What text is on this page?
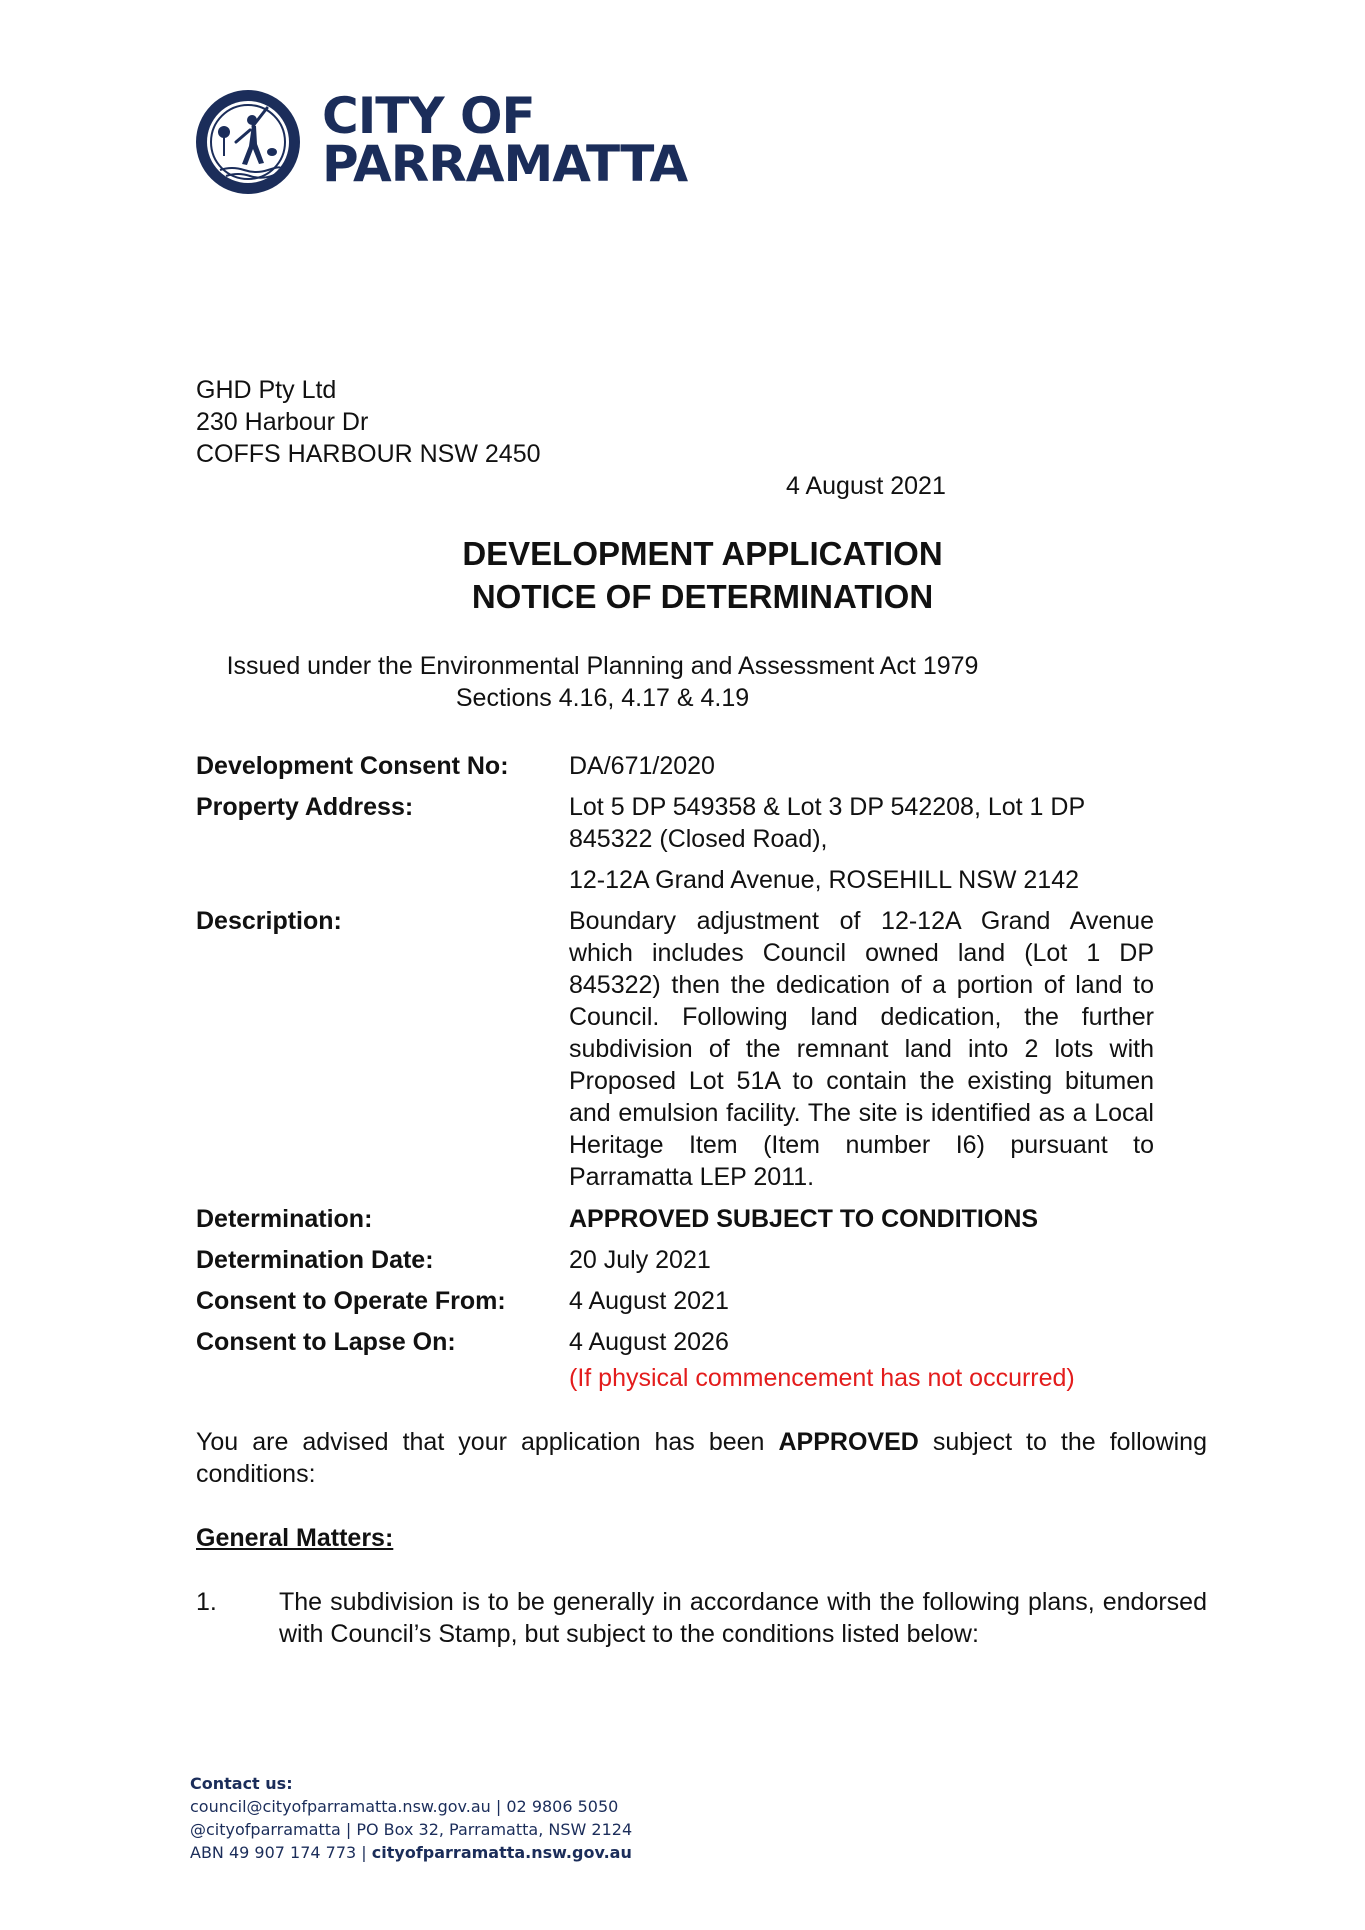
CITY OF
PARRAMATTA
GHD Pty Ltd
230 Harbour Dr
COFFS HARBOUR NSW 2450
4 August 2021
DEVELOPMENT APPLICATION
NOTICE OF DETERMINATION
Issued under the Environmental Planning and Assessment Act 1979
Sections 4.16, 4.17 & 4.19
Development Consent No: DA/671/2020
Property Address:	Lot 5 DP 549358 & Lot 3 DP 542208, Lot 1 DP 845322 (Closed Road),
12-12A Grand Avenue, ROSEHILL NSW 2142
Description:	Boundary adjustment of 12-12A Grand Avenue which includes Council owned land (Lot 1 DP 845322) then the dedication of a portion of land to Council. Following land dedication, the further subdivision of the remnant land into 2 lots with Proposed Lot 51A to contain the existing bitumen and emulsion facility. The site is identified as a Local Heritage Item (Item number I6) pursuant to Parramatta LEP 2011.
Determination:	APPROVED SUBJECT TO CONDITIONS
Determination Date:	20 July 2021
Consent to Operate From:	4 August 2021
Consent to Lapse On:	4 August 2026
(If physical commencement has not occurred)
You are advised that your application has been APPROVED subject to the following conditions:
General Matters:
1. The subdivision is to be generally in accordance with the following plans, endorsed with Council’s Stamp, but subject to the conditions listed below:
Contact us:
council@cityofparramatta.nsw.gov.au | 02 9806 5050
@cityofparramatta | PO Box 32, Parramatta, NSW 2124
ABN 49 907 174 773 | cityofparramatta.nsw.gov.au
